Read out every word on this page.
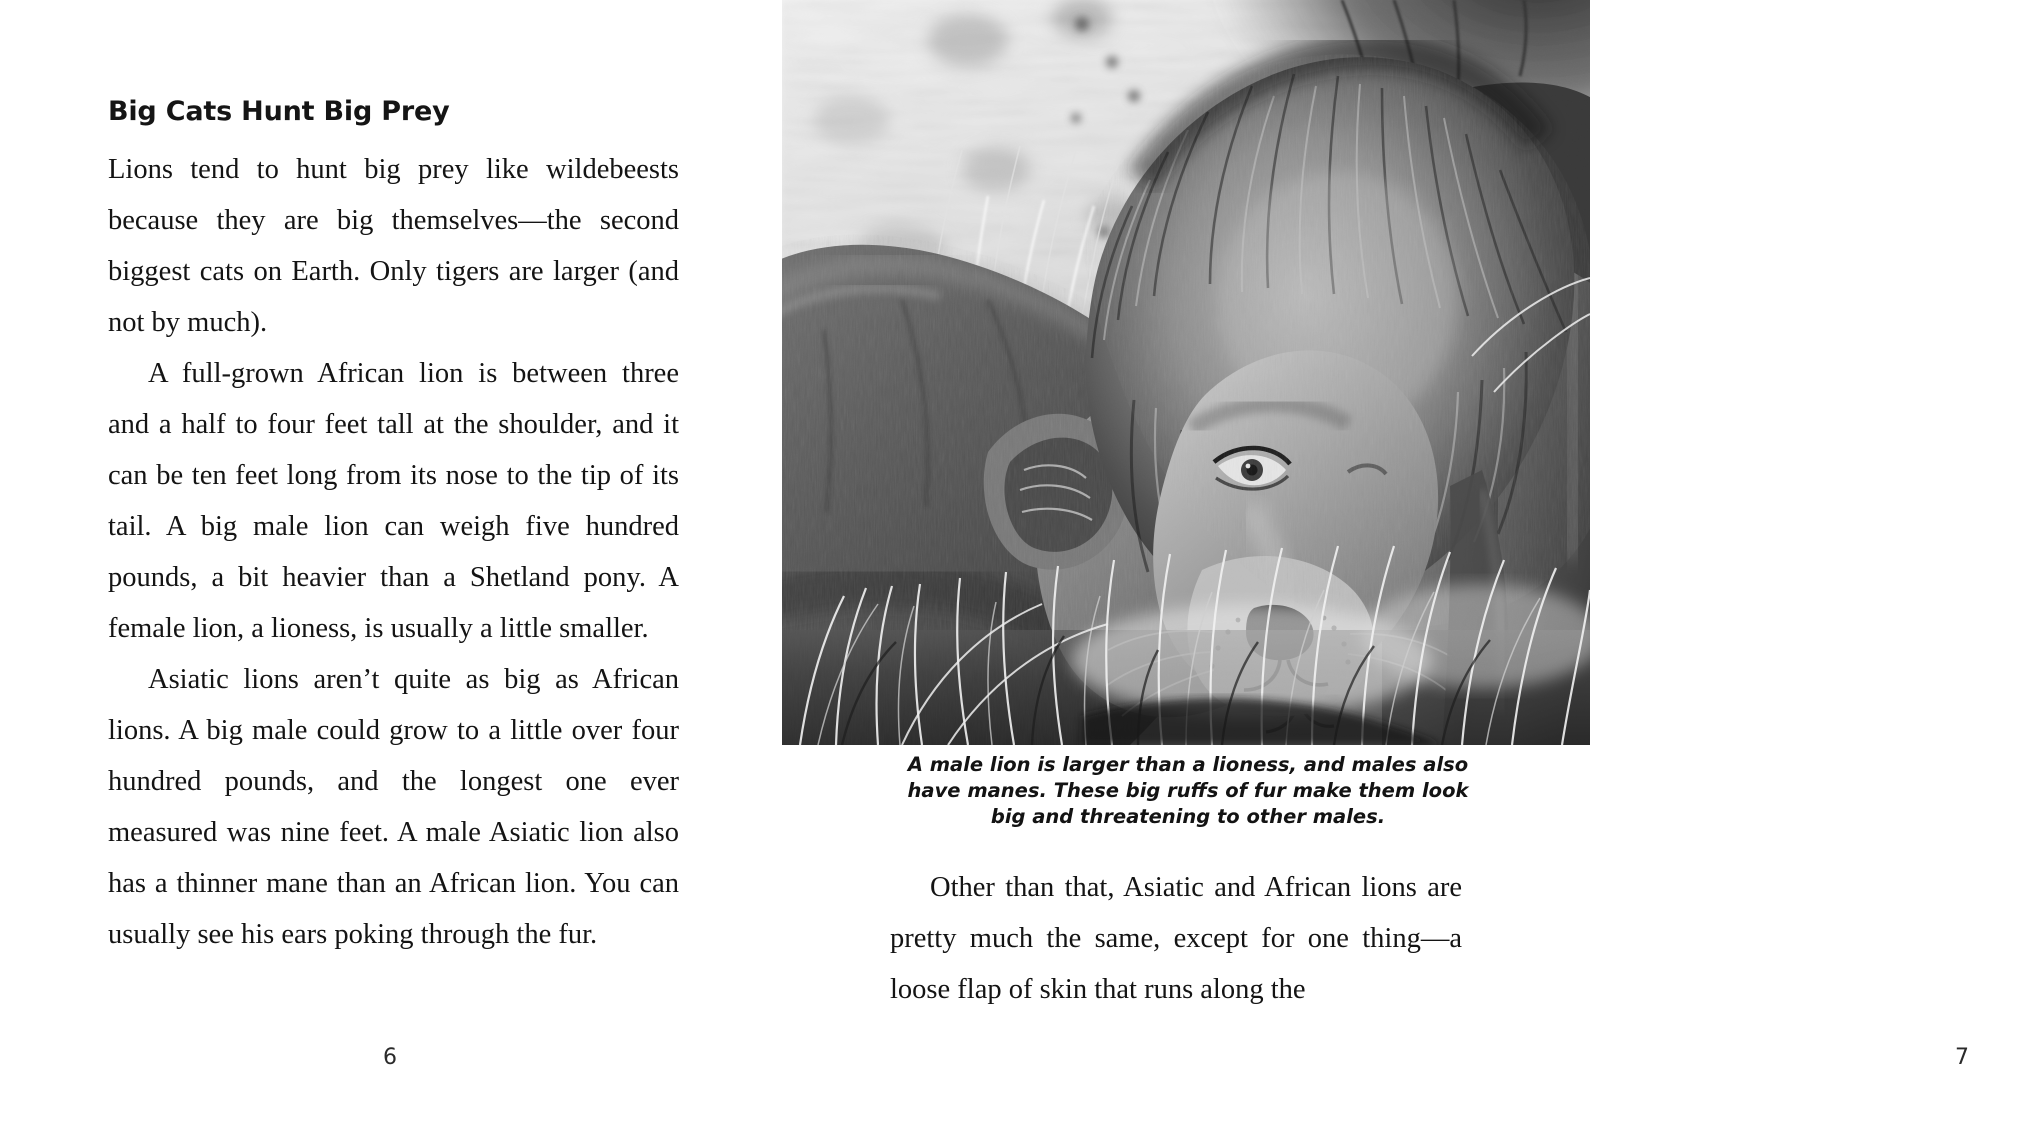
Big Cats Hunt Big Prey

Lions tend to hunt big prey like wildebeests because they are big themselves—the second biggest cats on Earth. Only tigers are larger (and not by much).

A full-grown African lion is between three and a half to four feet tall at the shoulder, and it can be ten feet long from its nose to the tip of its tail. A big male lion can weigh five hundred pounds, a bit heavier than a Shetland pony. A female lion, a lioness, is usually a little smaller.

Asiatic lions aren’t quite as big as African lions. A big male could grow to a little over four hundred pounds, and the longest one ever measured was nine feet. A male Asiatic lion also has a thinner mane than an African lion. You can usually see his ears poking through the fur.

6
A male lion is larger than a lioness, and males also have manes. These big ruffs of fur make them look big and threatening to other males.

Other than that, Asiatic and African lions are pretty much the same, except for one thing—a loose flap of skin that runs along the

7
